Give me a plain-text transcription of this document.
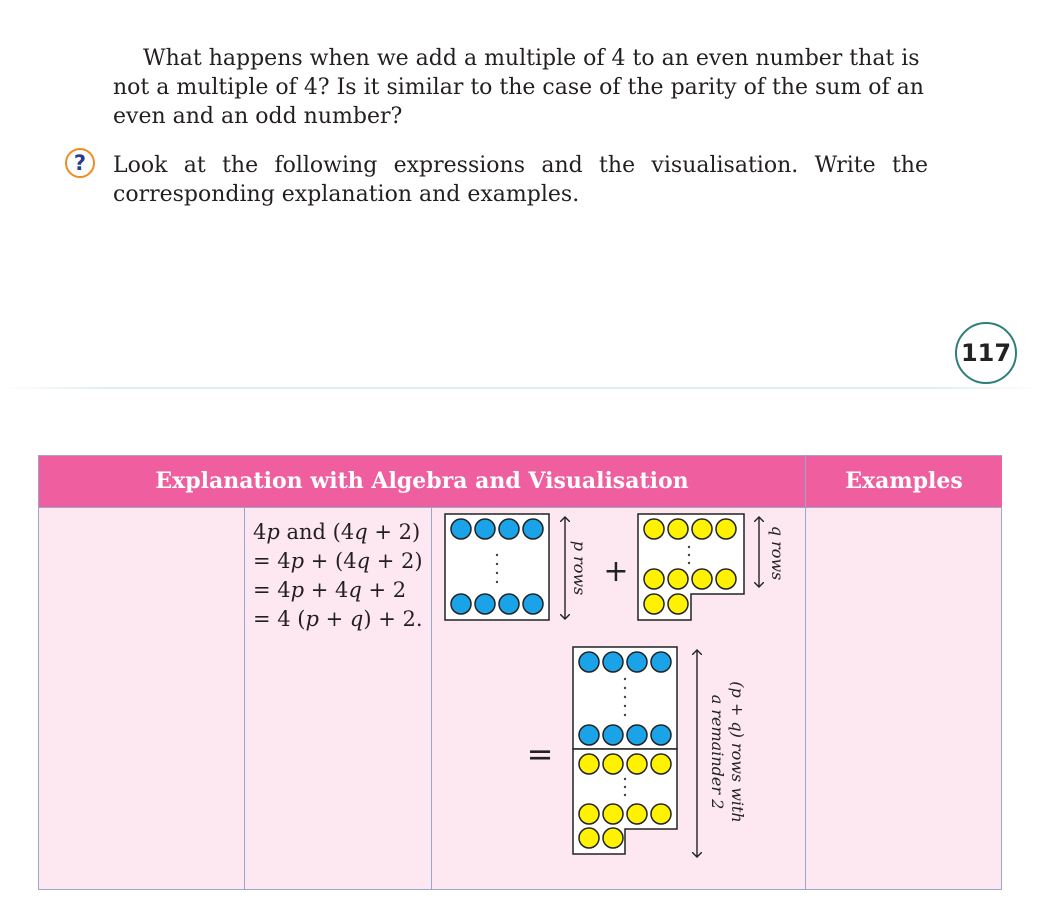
What happens when we add a multiple of 4 to an even number that is not a multiple of 4? Is it similar to the case of the parity of the sum of an even and an odd number?

?	Look at the following expressions and the visualisation. Write the corresponding explanation and examples.

117
Explanation with Algebra and Visualisation	Examples
4p and (4q + 2)
= 4p + (4q + 2)
= 4p + 4q + 2
= 4 (p + q) + 2.
p rows +	q rows
=	(p + q) rows with
a remainder 2
